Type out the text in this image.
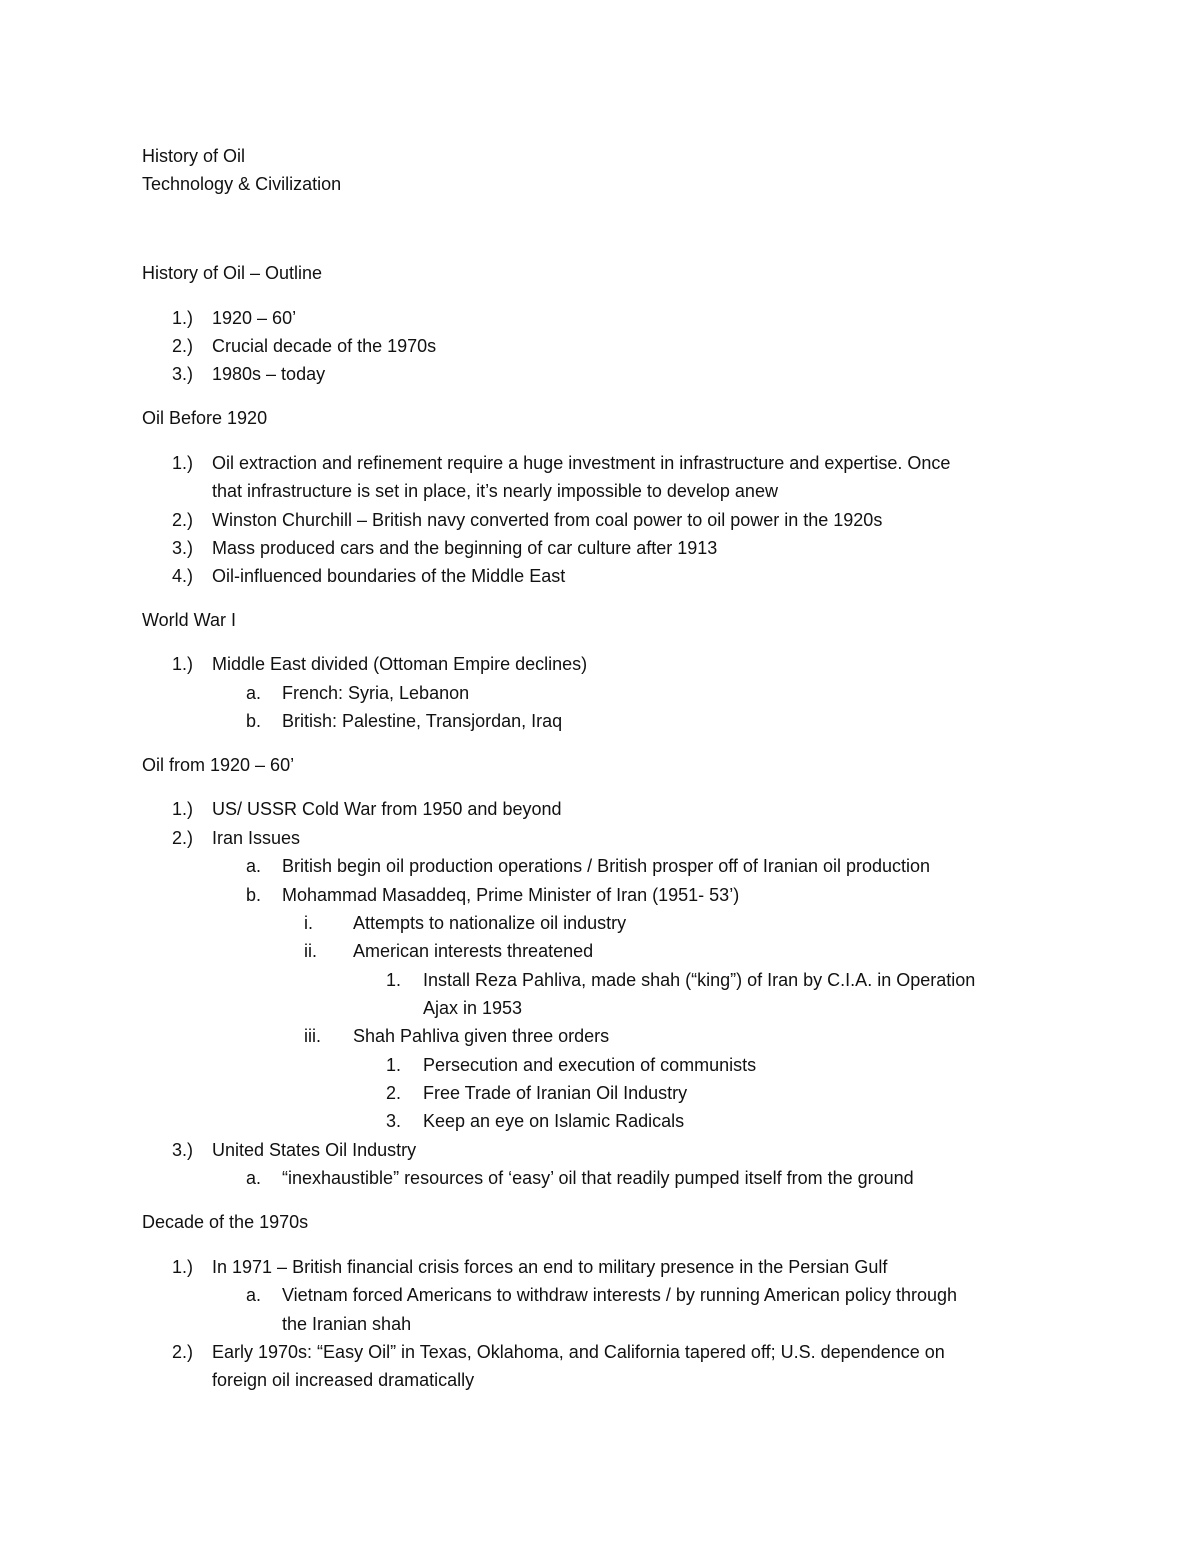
History of Oil
Technology & Civilization
History of Oil – Outline
1.) 1920 – 60’
2.) Crucial decade of the 1970s
3.) 1980s – today
Oil Before 1920
1.) Oil extraction and refinement require a huge investment in infrastructure and expertise. Once
that infrastructure is set in place, it’s nearly impossible to develop anew
2.) Winston Churchill – British navy converted from coal power to oil power in the 1920s
3.) Mass produced cars and the beginning of car culture after 1913
4.) Oil-influenced boundaries of the Middle East
World War I
1.) Middle East divided (Ottoman Empire declines)
a. French: Syria, Lebanon
b. British: Palestine, Transjordan, Iraq
Oil from 1920 – 60’
1.) US/ USSR Cold War from 1950 and beyond
2.) Iran Issues
a. British begin oil production operations / British prosper off of Iranian oil production
b. Mohammad Masaddeq, Prime Minister of Iran (1951- 53’)
i. Attempts to nationalize oil industry
ii. American interests threatened
1. Install Reza Pahliva, made shah (“king”) of Iran by C.I.A. in Operation
Ajax in 1953
iii. Shah Pahliva given three orders
1. Persecution and execution of communists
2. Free Trade of Iranian Oil Industry
3. Keep an eye on Islamic Radicals
3.) United States Oil Industry
a. “inexhaustible” resources of ‘easy’ oil that readily pumped itself from the ground
Decade of the 1970s
1.) In 1971 – British financial crisis forces an end to military presence in the Persian Gulf
a. Vietnam forced Americans to withdraw interests / by running American policy through
the Iranian shah
2.) Early 1970s: “Easy Oil” in Texas, Oklahoma, and California tapered off; U.S. dependence on
foreign oil increased dramatically
